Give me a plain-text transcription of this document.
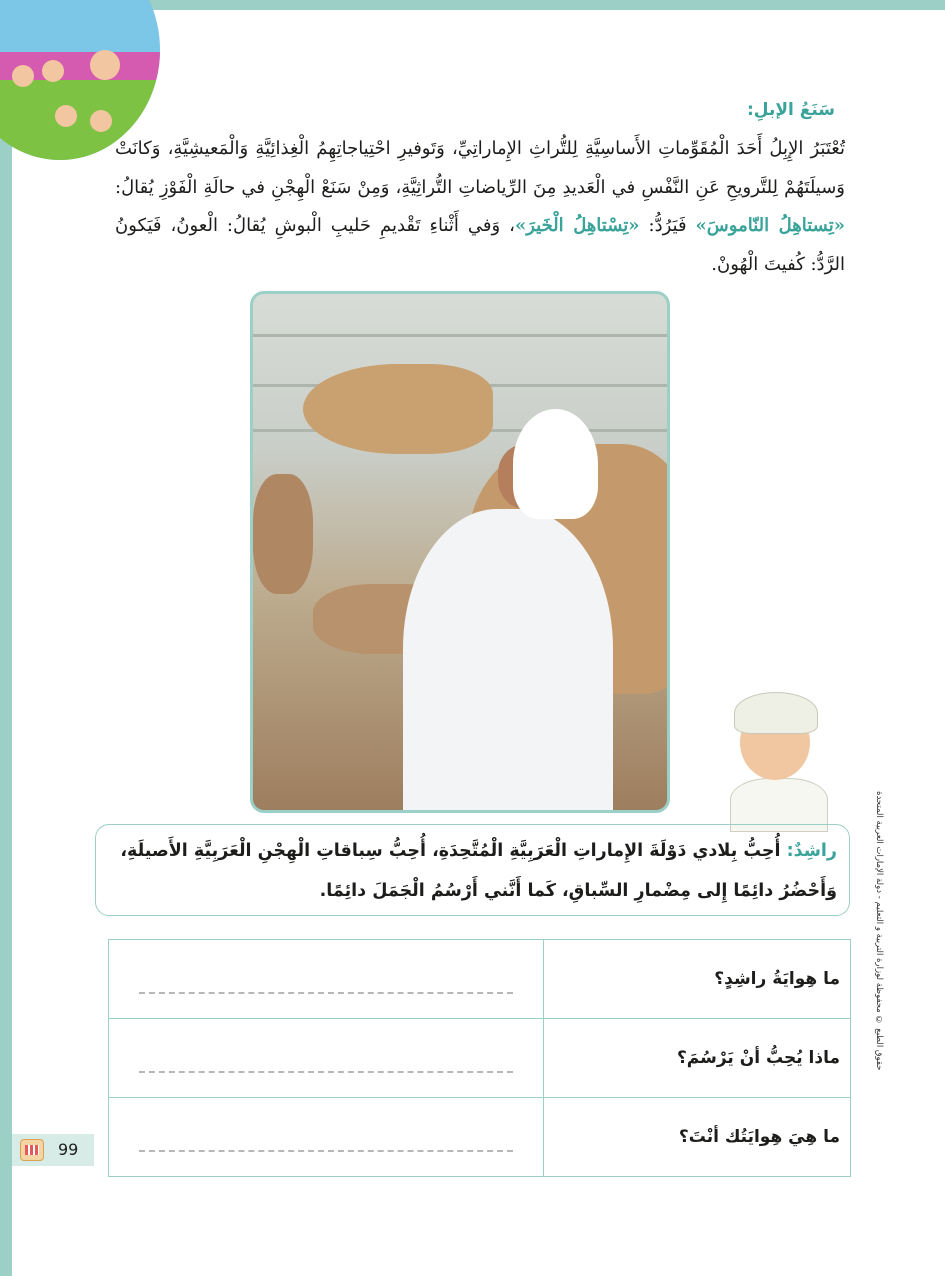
سَنَعُ الإبلِ:
تُعْتَبَرُ الإِبِلُ أَحَدَ الْمُقَوِّماتِ الأَساسِيَّةِ لِلتُّراثِ الإِماراتِيِّ، وَتَوفيرِ احْتِياجاتِهِمُ الْغِذائِيَّةِ وَالْمَعيشِيَّةِ، وَكانَتْ وَسيلَتَهُمْ لِلتَّرويحِ عَنِ النَّفْسِ في الْعَديدِ مِنَ الرِّياضاتِ التُّراثِيَّةِ، وَمِنْ سَنَعْ الْهِجْنِ في حالَةِ الْفَوْزِ يُقالُ: «تِستاهِلُ النّاموسَ» فَيَرُدُّ: «تِسْتاهِلُ الْخَيرَ»، وَفي أَثْناءِ تَقْديمِ حَليبِ الْبوشِ يُقالُ: الْعونُ، فَيَكونُ الرَّدُّ: كُفيتَ الْهُونْ.
راشِدٌ: أُحِبُّ بِلادي دَوْلَةَ الإِماراتِ الْعَرَبِيَّةِ الْمُتَّحِدَةِ، أُحِبُّ سِباقاتِ الْهِجْنِ الْعَرَبِيَّةِ الأَصيلَةِ، وَأَحْضُرُ دائِمًا إِلى مِضْمارِ السِّباقِ، كَما أَنَّني أَرْسُمُ الْجَمَلَ دائِمًا.	حقوق الطبع © محفوظة لوزارة التربية و التعليم - دولة الإمارات العربية المتحدة
	ما هِوايَةُ راشِدٍ؟

	ماذا يُحِبُّ أنْ يَرْسُمَ؟

	ما هِيَ هِوايَتُك أنْتَ؟
99
